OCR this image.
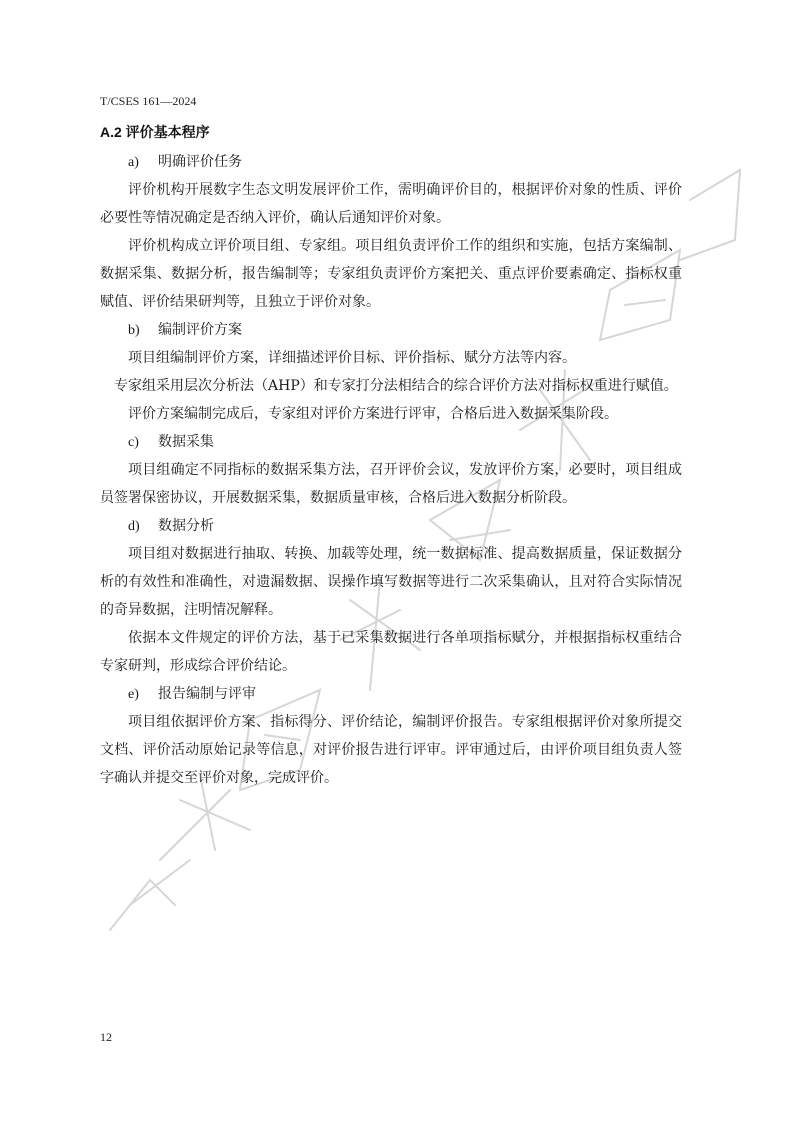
T/CSES 161—2024
A.2 评价基本程序

a) 明确评价任务

评价机构开展数字生态文明发展评价工作，需明确评价目的，根据评价对象的性质、评价必要性等情况确定是否纳入评价，确认后通知评价对象。

评价机构成立评价项目组、专家组。项目组负责评价工作的组织和实施，包括方案编制、数据采集、数据分析，报告编制等；专家组负责评价方案把关、重点评价要素确定、指标权重赋值、评价结果研判等，且独立于评价对象。

b) 编制评价方案

项目组编制评价方案，详细描述评价目标、评价指标、赋分方法等内容。

专家组采用层次分析法（AHP）和专家打分法相结合的综合评价方法对指标权重进行赋值。

评价方案编制完成后，专家组对评价方案进行评审，合格后进入数据采集阶段。

c) 数据采集

项目组确定不同指标的数据采集方法，召开评价会议，发放评价方案，必要时，项目组成员签署保密协议，开展数据采集，数据质量审核，合格后进入数据分析阶段。

d) 数据分析

项目组对数据进行抽取、转换、加载等处理，统一数据标准、提高数据质量，保证数据分析的有效性和准确性，对遗漏数据、误操作填写数据等进行二次采集确认，且对符合实际情况的奇异数据，注明情况解释。

依据本文件规定的评价方法，基于已采集数据进行各单项指标赋分，并根据指标权重结合专家研判，形成综合评价结论。

e) 报告编制与评审

项目组依据评价方案、指标得分、评价结论，编制评价报告。专家组根据评价对象所提交文档、评价活动原始记录等信息，对评价报告进行评审。评审通过后，由评价项目组负责人签字确认并提交至评价对象，完成评价。

12
